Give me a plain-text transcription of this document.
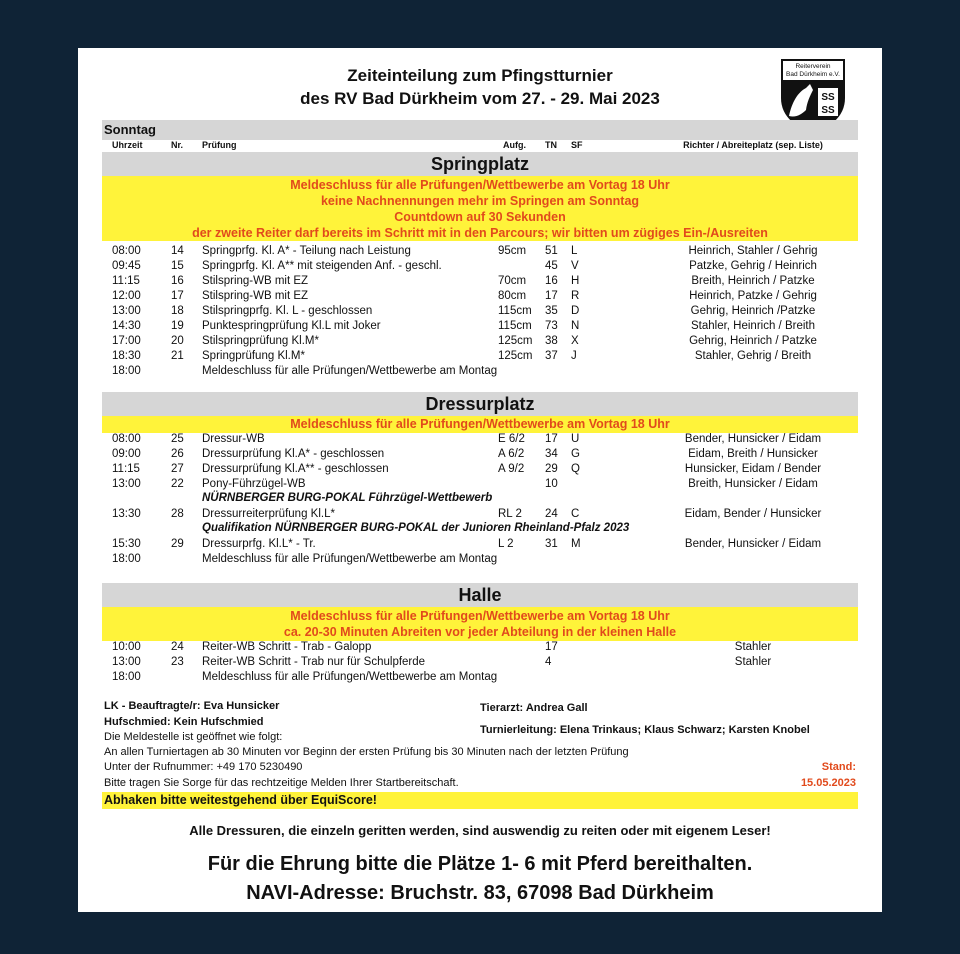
Zeiteinteilung zum Pfingstturnier
des RV Bad Dürkheim vom 27. - 29. Mai 2023
Reiterverein
Bad Dürkheim e.V.
SS
SS
Sonntag
Uhrzeit	Nr. Prüfung	Aufg. TN SF	Richter / Abreiteplatz (sep. Liste)
Springplatz
Meldeschluss für alle Prüfungen/Wettbewerbe am Vortag 18 Uhr
keine Nachnennungen mehr im Springen am Sonntag
Countdown auf 30 Sekunden
der zweite Reiter darf bereits im Schritt mit in den Parcours; wir bitten um zügiges Ein-/Ausreiten
08:00	14 Springprfg. Kl. A* - Teilung nach Leistung	95cm 51 L	Heinrich, Stahler / Gehrig
09:45	15 Springprfg. Kl. A** mit steigenden Anf. - geschl.	45 V	Patzke, Gehrig / Heinrich
11:15	16 Stilspring-WB mit EZ	70cm 16 H	Breith, Heinrich / Patzke
12:00	17 Stilspring-WB mit EZ	80cm 17 R	Heinrich, Patzke / Gehrig
13:00	18 Stilspringprfg. Kl. L - geschlossen	115cm 35 D	Gehrig, Heinrich /Patzke
14:30	19 Punktespringprüfung Kl.L mit Joker	115cm 73 N	Stahler, Heinrich / Breith
17:00	20 Stilspringprüfung Kl.M*	125cm 38 X	Gehrig, Heinrich / Patzke
18:30	21 Springprüfung Kl.M*	125cm 37 J	Stahler, Gehrig / Breith
18:00	Meldeschluss für alle Prüfungen/Wettbewerbe am Montag
Dressurplatz
Meldeschluss für alle Prüfungen/Wettbewerbe am Vortag 18 Uhr
08:00	25 Dressur-WB	E 6/2 17 U	Bender, Hunsicker / Eidam
09:00	26 Dressurprüfung Kl.A* - geschlossen	A 6/2 34 G	Eidam, Breith / Hunsicker
11:15	27 Dressurprüfung Kl.A** - geschlossen	A 9/2 29 Q	Hunsicker, Eidam / Bender
13:00	22 Pony-Führzügel-WB	10	Breith, Hunsicker / Eidam
13:30	28 Dressurreiterprüfung Kl.L*	RL 2 24 C	Eidam, Bender / Hunsicker
15:30	29 Dressurprfg. Kl.L* - Tr.	L 2	31 M	Bender, Hunsicker / Eidam
18:00	Meldeschluss für alle Prüfungen/Wettbewerbe am Montag
NÜRNBERGER BURG-POKAL Führzügel-Wettbewerb
Qualifikation NÜRNBERGER BURG-POKAL der Junioren Rheinland-Pfalz 2023
Halle
Meldeschluss für alle Prüfungen/Wettbewerbe am Vortag 18 Uhr
ca. 20-30 Minuten Abreiten vor jeder Abteilung in der kleinen Halle
10:00	24 Reiter-WB Schritt - Trab - Galopp	17	Stahler
13:00	23 Reiter-WB Schritt - Trab nur für Schulpferde	4	Stahler
18:00	Meldeschluss für alle Prüfungen/Wettbewerbe am Montag
LK - Beauftragte/r: Eva Hunsicker
Hufschmied: Kein Hufschmied
Die Meldestelle ist geöffnet wie folgt:
An allen Turniertagen ab 30 Minuten vor Beginn der ersten Prüfung bis 30 Minuten nach der letzten Prüfung
Unter der Rufnummer: +49 170 5230490
Bitte tragen Sie Sorge für das rechtzeitige Melden Ihrer Startbereitschaft.
Tierarzt: Andrea Gall
Turnierleitung: Elena Trinkaus; Klaus Schwarz; Karsten Knobel
Stand:
15.05.2023
Abhaken bitte weitestgehend über EquiScore!
Alle Dressuren, die einzeln geritten werden, sind auswendig zu reiten oder mit eigenem Leser!
Für die Ehrung bitte die Plätze 1- 6 mit Pferd bereithalten.
NAVI-Adresse: Bruchstr. 83, 67098 Bad Dürkheim
